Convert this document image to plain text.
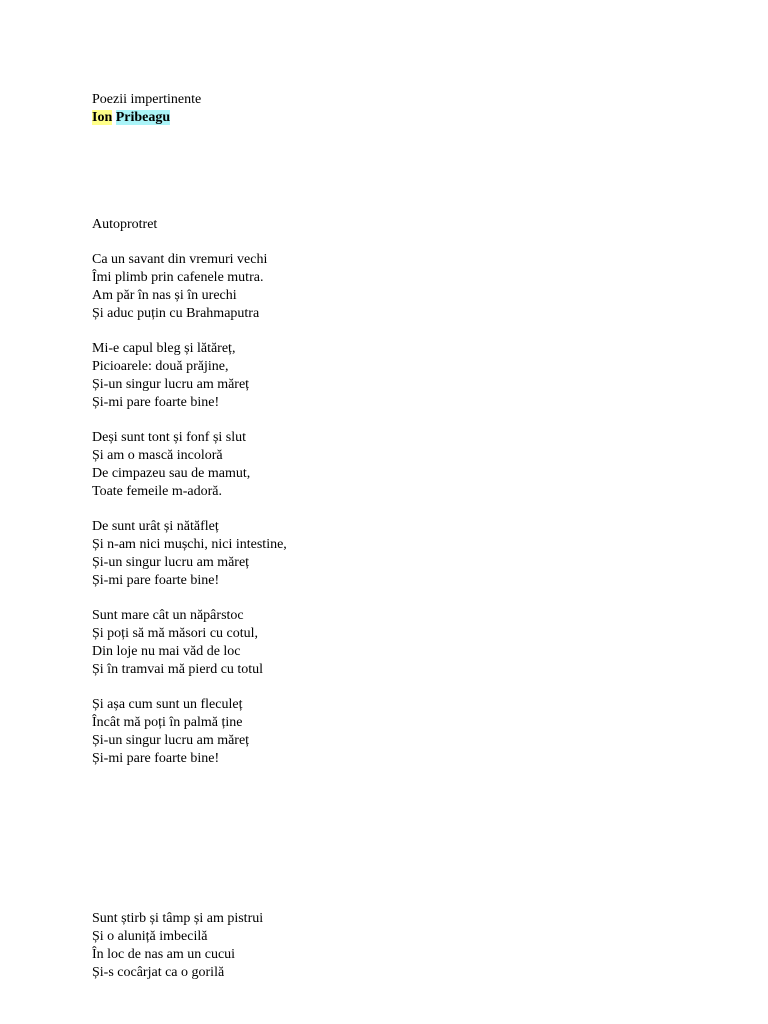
Poezii impertinente
Ion Pribeagu
Autoprotret
Ca un savant din vremuri vechi
Îmi plimb prin cafenele mutra.
Am păr în nas și în urechi
Și aduc puțin cu Brahmaputra
Mi-e capul bleg și lătăreț,
Picioarele: două prăjine,
Și-un singur lucru am măreț
Și-mi pare foarte bine!
Deși sunt tont și fonf și slut
Și am o mască incoloră
De cimpazeu sau de mamut,
Toate femeile m-adoră.
De sunt urât și nătăfleț
Și n-am nici mușchi, nici intestine,
Și-un singur lucru am măreț
Și-mi pare foarte bine!
Sunt mare cât un năpârstoc
Și poți să mă măsori cu cotul,
Din loje nu mai văd de loc
Și în tramvai mă pierd cu totul
Și așa cum sunt un fleculeț
Încât mă poți în palmă ține
Și-un singur lucru am măreț
Și-mi pare foarte bine!
Sunt știrb și tâmp și am pistrui
Și o aluniță imbecilă
În loc de nas am un cucui
Și-s cocârjat ca o gorilă
